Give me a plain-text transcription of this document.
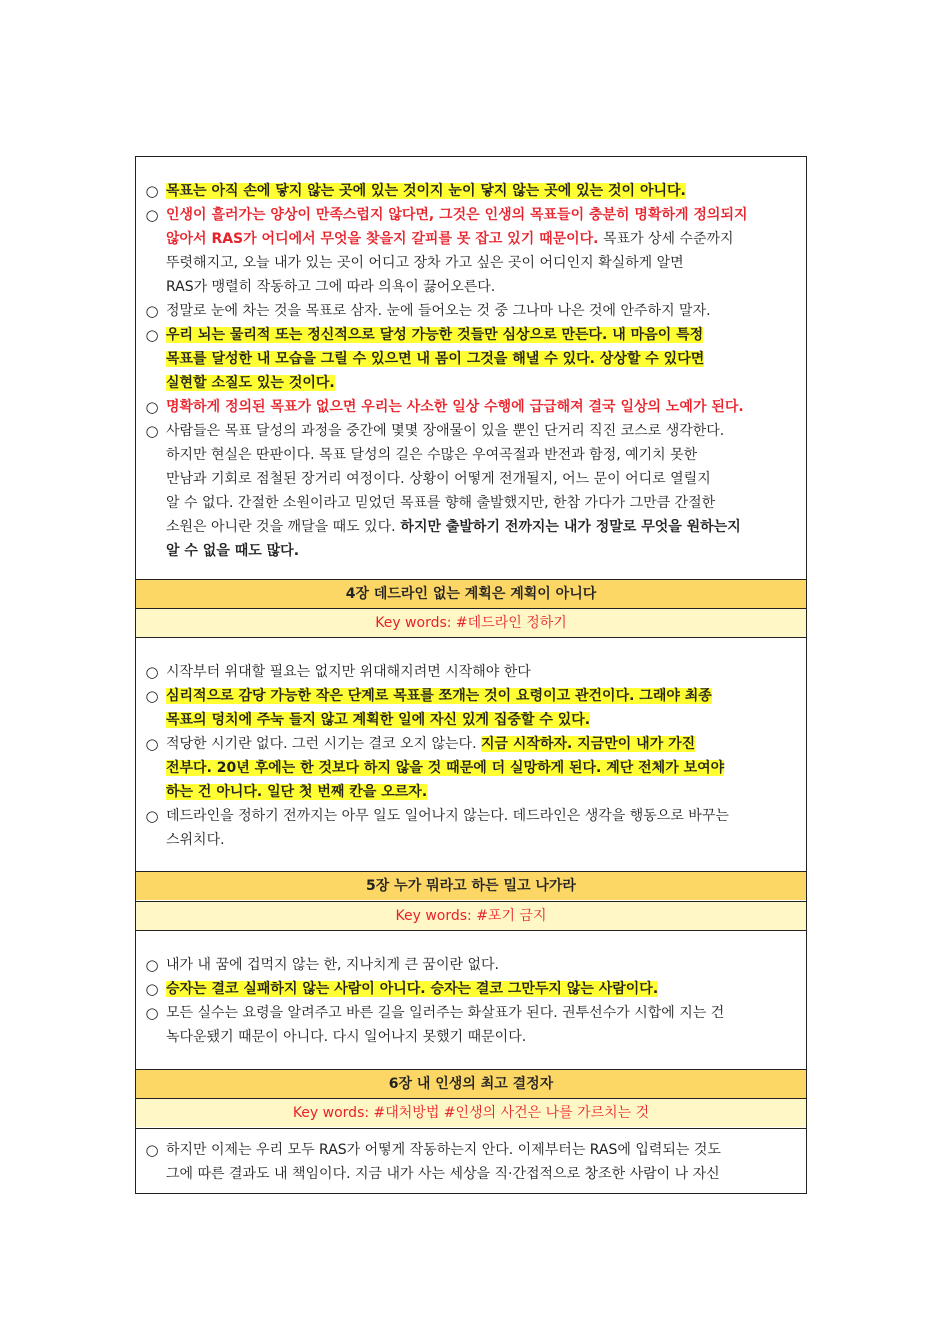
○ 목표는 아직 손에 닿지 않는 곳에 있는 것이지 눈이 닿지 않는 곳에 있는 것이 아니다.
○ 인생이 흘러가는 양상이 만족스럽지 않다면, 그것은 인생의 목표들이 충분히 명확하게 정의되지
않아서 RAS가 어디에서 무엇을 찾을지 갈피를 못 잡고 있기 때문이다. 목표가 상세 수준까지
뚜렷해지고, 오늘 내가 있는 곳이 어디고 장차 가고 싶은 곳이 어디인지 확실하게 알면
RAS가 맹렬히 작동하고 그에 따라 의욕이 끓어오른다.
○ 정말로 눈에 차는 것을 목표로 삼자. 눈에 들어오는 것 중 그나마 나은 것에 안주하지 말자.
○ 우리 뇌는 물리적 또는 정신적으로 달성 가능한 것들만 심상으로 만든다. 내 마음이 특정
목표를 달성한 내 모습을 그릴 수 있으면 내 몸이 그것을 해낼 수 있다. 상상할 수 있다면
실현할 소질도 있는 것이다.
○ 명확하게 정의된 목표가 없으면 우리는 사소한 일상 수행에 급급해져 결국 일상의 노예가 된다.
○ 사람들은 목표 달성의 과정을 중간에 몇몇 장애물이 있을 뿐인 단거리 직진 코스로 생각한다.
하지만 현실은 딴판이다. 목표 달성의 길은 수많은 우여곡절과 반전과 함정, 예기치 못한
만남과 기회로 점철된 장거리 여정이다. 상황이 어떻게 전개될지, 어느 문이 어디로 열릴지
알 수 없다. 간절한 소원이라고 믿었던 목표를 향해 출발했지만, 한참 가다가 그만큼 간절한
소원은 아니란 것을 깨달을 때도 있다. 하지만 출발하기 전까지는 내가 정말로 무엇을 원하는지
알 수 없을 때도 많다.
4장 데드라인 없는 계획은 계획이 아니다
Key words: #데드라인 정하기
○ 시작부터 위대할 필요는 없지만 위대해지려면 시작해야 한다
○ 심리적으로 감당 가능한 작은 단계로 목표를 쪼개는 것이 요령이고 관건이다. 그래야 최종
목표의 덩치에 주눅 들지 않고 계획한 일에 자신 있게 집중할 수 있다.
○ 적당한 시기란 없다. 그런 시기는 결코 오지 않는다. 지금 시작하자. 지금만이 내가 가진
전부다. 20년 후에는 한 것보다 하지 않을 것 때문에 더 실망하게 된다. 계단 전체가 보여야
하는 건 아니다. 일단 첫 번째 칸을 오르자.
○ 데드라인을 정하기 전까지는 아무 일도 일어나지 않는다. 데드라인은 생각을 행동으로 바꾸는
스위치다.
5장 누가 뭐라고 하든 밀고 나가라
Key words: #포기 금지
○ 내가 내 꿈에 겁먹지 않는 한, 지나치게 큰 꿈이란 없다.
○ 승자는 결코 실패하지 않는 사람이 아니다. 승자는 결코 그만두지 않는 사람이다.
○ 모든 실수는 요령을 알려주고 바른 길을 일러주는 화살표가 된다. 권투선수가 시합에 지는 건
녹다운됐기 때문이 아니다. 다시 일어나지 못했기 때문이다.
6장 내 인생의 최고 결정자
Key words: #대처방법 #인생의 사건은 나를 가르치는 것
○ 하지만 이제는 우리 모두 RAS가 어떻게 작동하는지 안다. 이제부터는 RAS에 입력되는 것도
그에 따른 결과도 내 책임이다. 지금 내가 사는 세상을 직·간접적으로 창조한 사람이 나 자신
